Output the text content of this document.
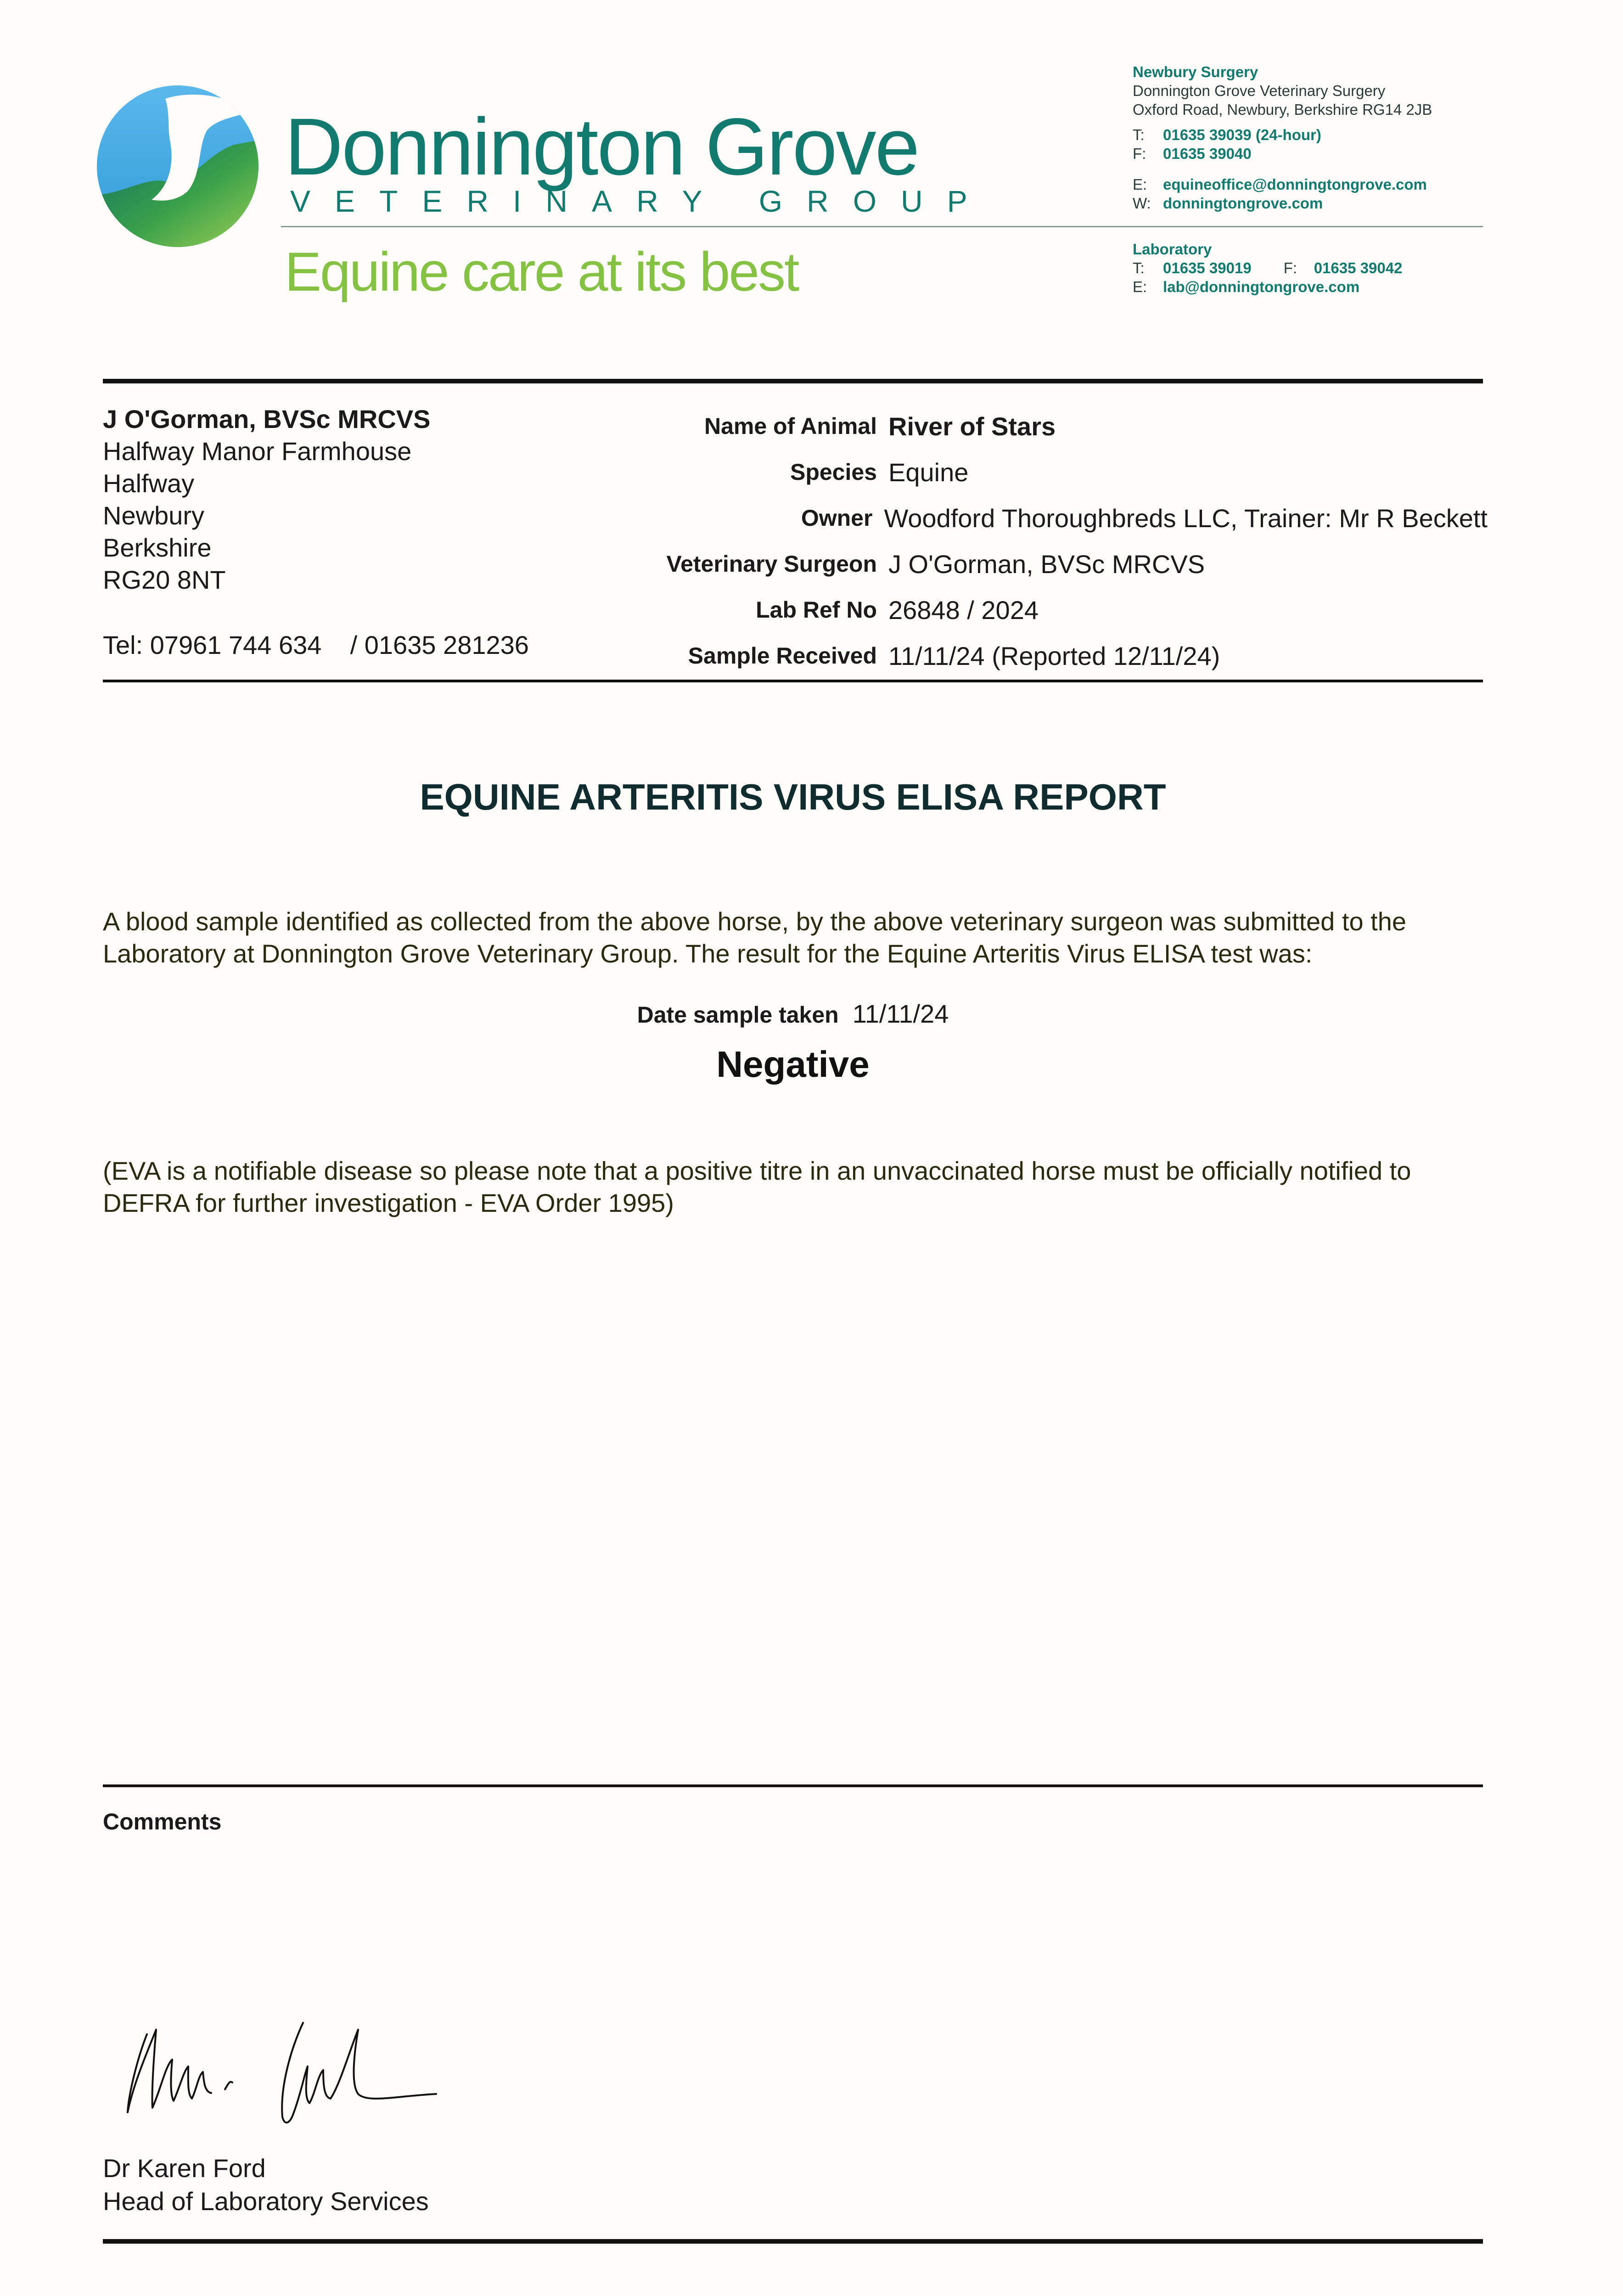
Donnington Grove
VETERINARY GROUP
Equine care at its best
Newbury Surgery
Donnington Grove Veterinary Surgery
Oxford Road, Newbury, Berkshire RG14 2JB
T: 01635 39039 (24-hour)
F: 01635 39040
E: equineoffice@donningtongrove.com
W: donningtongrove.com
Laboratory
T: 01635 39019 F: 01635 39042
E: lab@donningtongrove.com
J O'Gorman, BVSc MRCVS
Halfway Manor Farmhouse
Halfway
Newbury
Berkshire
RG20 8NT
Tel: 07961 744 634    / 01635 281236
Name of Animal River of Stars
Species Equine
Owner Woodford Thoroughbreds LLC, Trainer: Mr R Beckett
Veterinary Surgeon J O'Gorman, BVSc MRCVS
Lab Ref No 26848 / 2024
Sample Received 11/11/24 (Reported 12/11/24)
EQUINE ARTERITIS VIRUS ELISA REPORT
A blood sample identified as collected from the above horse, by the above veterinary surgeon was submitted to the Laboratory at Donnington Grove Veterinary Group. The result for the Equine Arteritis Virus ELISA test was:
Date sample taken 11/11/24
Negative
(EVA is a notifiable disease so please note that a positive titre in an unvaccinated horse must be officially notified to DEFRA for further investigation - EVA Order 1995)
Comments
Dr Karen Ford
Head of Laboratory Services
